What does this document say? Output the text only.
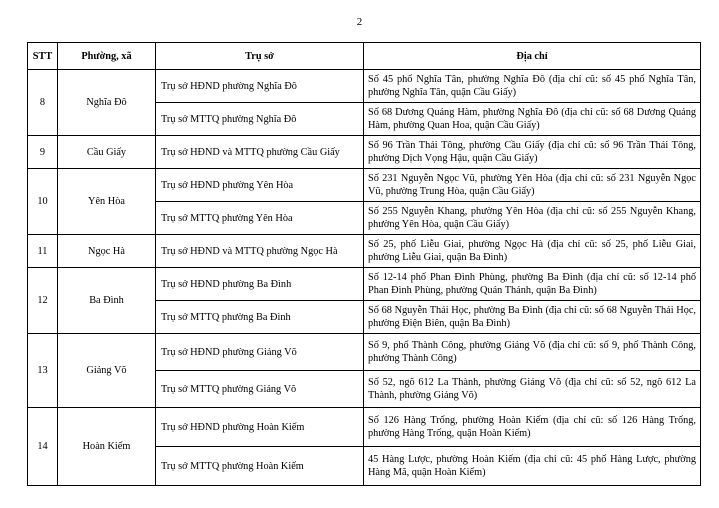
2
STT	Phường, xã	Trụ sở	Địa chỉ
8	Nghĩa Đô	Trụ sở HĐND phường Nghĩa Đô	Số 45 phố Nghĩa Tân, phường Nghĩa Đô (địa chỉ cũ: số 45 phố Nghĩa Tân, phường Nghĩa Tân, quận Cầu Giấy)
		Trụ sở MTTQ phường Nghĩa Đô	Số 68 Dương Quảng Hàm, phường Nghĩa Đô (địa chỉ cũ: số 68 Dương Quảng Hàm, phường Quan Hoa, quận Cầu Giấy)
9	Cầu Giấy	Trụ sở HĐND và MTTQ phường Cầu Giấy	Số 96 Trần Thái Tông, phường Cầu Giấy (địa chỉ cũ: số 96 Trần Thái Tông, phường Dịch Vọng Hậu, quận Cầu Giấy)
10	Yên Hòa	Trụ sở HĐND phường Yên Hòa	Số 231 Nguyễn Ngọc Vũ, phường Yên Hòa (địa chỉ cũ: số 231 Nguyễn Ngọc Vũ, phường Trung Hòa, quận Cầu Giấy)
		Trụ sở MTTQ phường Yên Hòa	Số 255 Nguyễn Khang, phường Yên Hòa (địa chỉ cũ: số 255 Nguyễn Khang, phường Yên Hòa, quận Cầu Giấy)
11	Ngọc Hà	Trụ sở HĐND và MTTQ phường Ngọc Hà	Số 25, phố Liễu Giai, phường Ngọc Hà (địa chỉ cũ: số 25, phố Liễu Giai, phường Liễu Giai, quận Ba Đình)
12	Ba Đình	Trụ sở HĐND phường Ba Đình	Số 12-14 phố Phan Đình Phùng, phường Ba Đình (địa chỉ cũ: số 12-14 phố Phan Đình Phùng, phường Quán Thánh, quận Ba Đình)
		Trụ sở MTTQ phường Ba Đình	Số 68 Nguyễn Thái Học, phường Ba Đình (địa chỉ cũ: số 68 Nguyễn Thái Học, phường Điện Biên, quận Ba Đình)
13	Giảng Võ	Trụ sở HĐND phường Giảng Võ	Số 9, phố Thành Công, phường Giảng Võ (địa chỉ cũ: số 9, phố Thành Công, phường Thành Công)
		Trụ sở MTTQ phường Giảng Võ	Số 52, ngõ 612 La Thành, phường Giảng Võ (địa chỉ cũ: số 52, ngõ 612 La Thành, phường Giảng Võ)
14	Hoàn Kiếm	Trụ sở HĐND phường Hoàn Kiếm	Số 126 Hàng Trống, phường Hoàn Kiếm (địa chỉ cũ: số 126 Hàng Trống, phường Hàng Trống, quận Hoàn Kiếm)
		Trụ sở MTTQ phường Hoàn Kiếm	45 Hàng Lược, phường Hoàn Kiếm (địa chỉ cũ: 45 phố Hàng Lược, phường Hàng Mã, quận Hoàn Kiếm)
